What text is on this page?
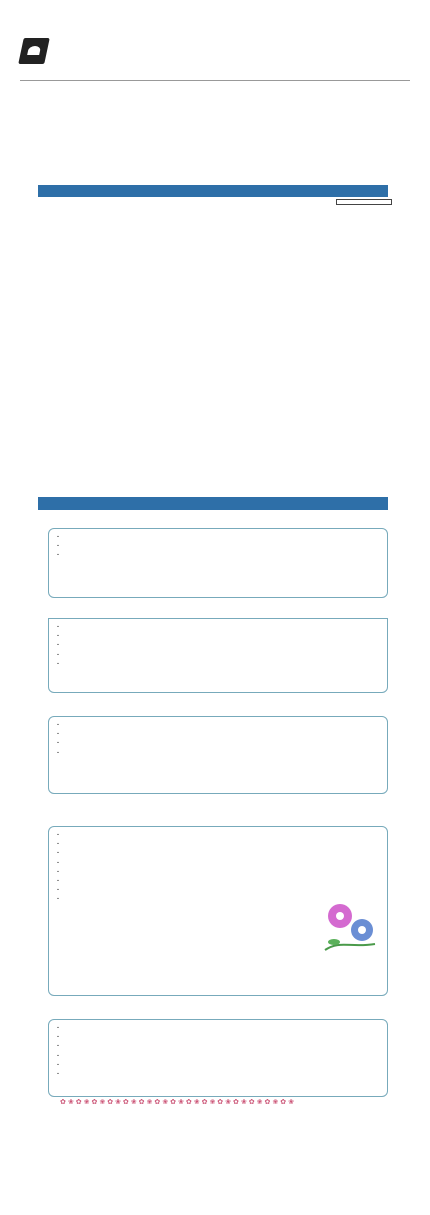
・

・

・

・

・

・

・

・

・

・

・

・

・

・

・

・

・

・

・

・

・

・

・

・

・

・

✿❀✿❀✿❀✿❀✿❀✿❀✿❀✿❀✿❀✿❀✿❀✿❀✿❀✿❀✿❀
